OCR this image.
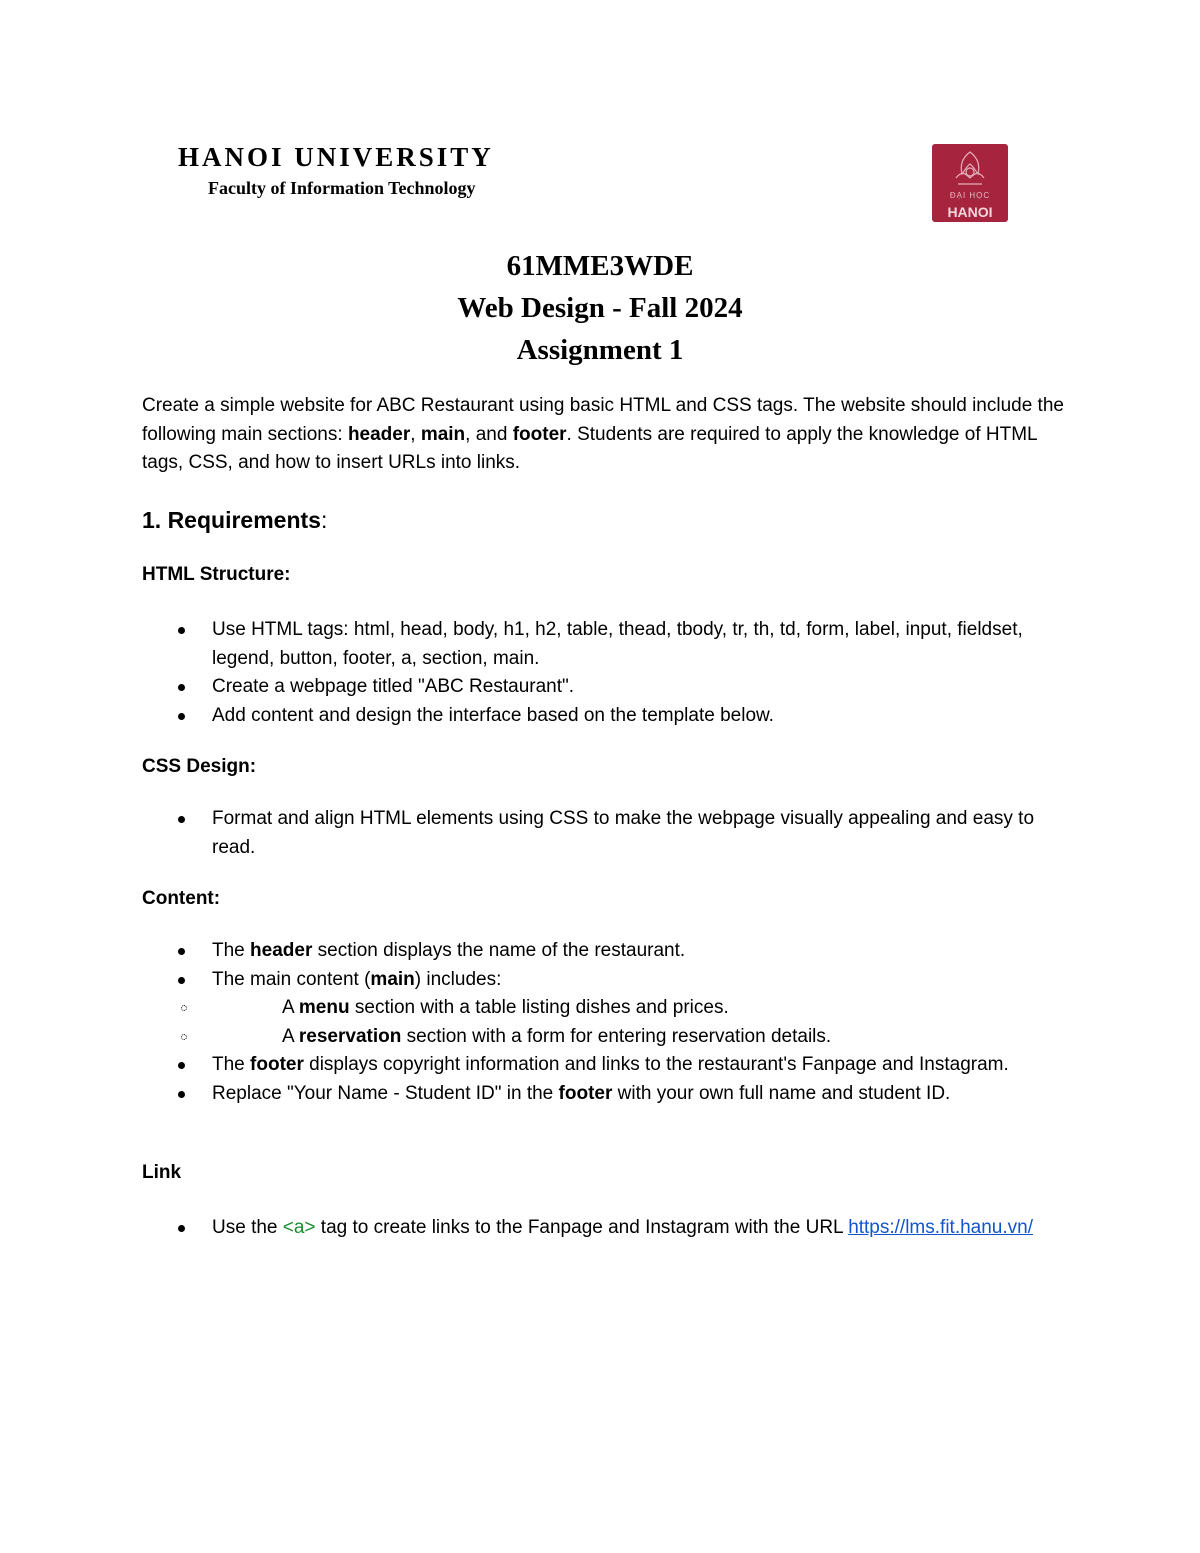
HANOI UNIVERSITY
Faculty of Information Technology	ĐẠI HỌC
HANOI
61MME3WDE
Web Design - Fall 2024
Assignment 1

Create a simple website for ABC Restaurant using basic HTML and CSS tags. The website should include the following main sections: header, main, and footer. Students are required to apply the knowledge of HTML tags, CSS, and how to insert URLs into links.

1. Requirements:
HTML Structure:
Use HTML tags: html, head, body, h1, h2, table, thead, tbody, tr, th, td, form, label, input, fieldset, legend, button, footer, a, section, main.
Create a webpage titled "ABC Restaurant".
Add content and design the interface based on the template below.
CSS Design:
Format and align HTML elements using CSS to make the webpage visually appealing and easy to read.
Content:
The header section displays the name of the restaurant.
The main content (main) includes:
A menu section with a table listing dishes and prices.
A reservation section with a form for entering reservation details.
The footer displays copyright information and links to the restaurant's Fanpage and Instagram.
Replace "Your Name - Student ID" in the footer with your own full name and student ID.
Link
Use the <a> tag to create links to the Fanpage and Instagram with the URL https://lms.fit.hanu.vn/
